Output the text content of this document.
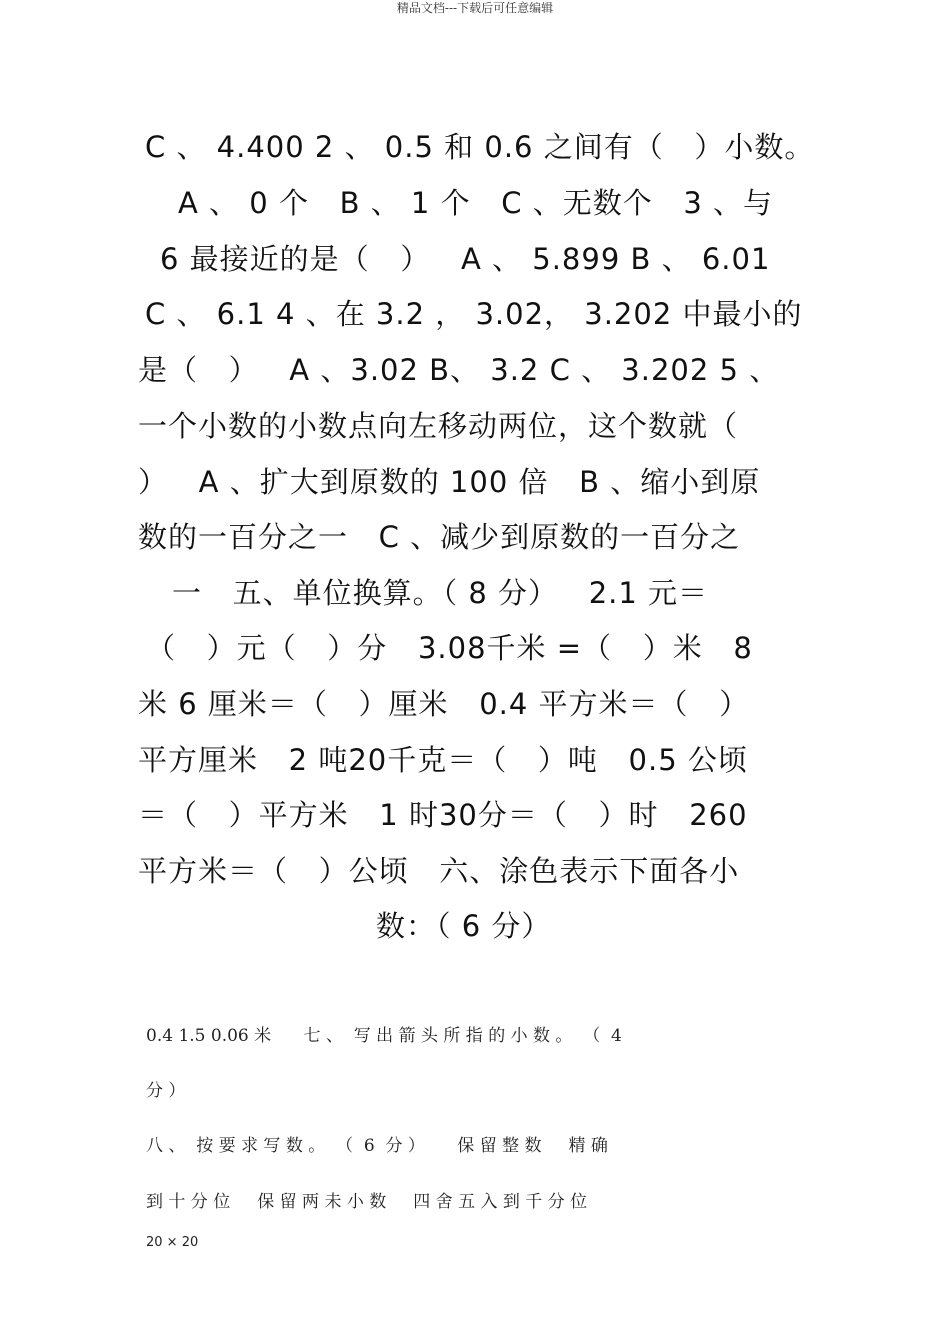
精品文档---下载后可任意编辑
C 、 4.400 2 、 0.5 和 0.6 之间有（   ）小数。
A 、 0 个   B 、 1 个   C 、无数个   3 、与
6 最接近的是（   ）   A 、 5.899 B 、 6.01
C 、 6.1 4 、在 3.2 ， 3.02， 3.202 中最小的
是（   ）   A 、3.02 B、 3.2 C 、 3.202 5 、
一个小数的小数点向左移动两位，这个数就（
）   A 、扩大到原数的 100 倍   B 、缩小到原
数的一百分之一   C 、减少到原数的一百分之
一   五、单位换算。（ 8 分）   2.1 元＝
（   ）元（   ）分   3.08千米 =（   ）米   8
米 6 厘米＝（   ）厘米   0.4 平方米＝（   ）
平方厘米   2 吨20千克＝（   ）吨   0.5 公顷
＝（   ）平方米   1 时30分＝（   ）时   260
平方米＝（   ）公顷   六、涂色表示下面各小
数：（ 6 分）
0.4 1.5 0.06 米      七 、  写 出 箭 头 所 指 的 小 数 。  （  4
分 ）
八 、  按 要 求 写 数 。  （  6  分 ）      保 留 整 数     精 确
到 十 分 位     保 留 两 未 小 数     四 舍 五 入 到 千 分 位
20 × 20
